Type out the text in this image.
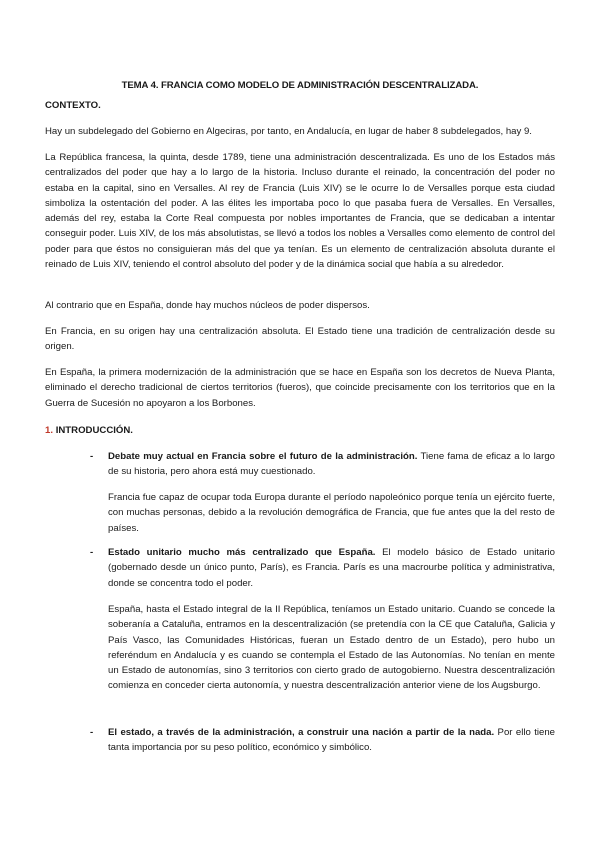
TEMA 4. FRANCIA COMO MODELO DE ADMINISTRACIÓN DESCENTRALIZADA.
CONTEXTO.

Hay un subdelegado del Gobierno en Algeciras, por tanto, en Andalucía, en lugar de haber 8 subdelegados, hay 9.

La República francesa, la quinta, desde 1789, tiene una administración descentralizada. Es uno de los Estados más centralizados del poder que hay a lo largo de la historia. Incluso durante el reinado, la concentración del poder no estaba en la capital, sino en Versalles. Al rey de Francia (Luis XIV) se le ocurre lo de Versalles porque esta ciudad simboliza la ostentación del poder. A las élites les importaba poco lo que pasaba fuera de Versalles. En Versalles, además del rey, estaba la Corte Real compuesta por nobles importantes de Francia, que se dedicaban a intentar conseguir poder. Luis XIV, de los más absolutistas, se llevó a todos los nobles a Versalles como elemento de control del poder para que éstos no consiguieran más del que ya tenían. Es un elemento de centralización absoluta durante el reinado de Luis XIV, teniendo el control absoluto del poder y de la dinámica social que había a su alrededor.

Al contrario que en España, donde hay muchos núcleos de poder dispersos.

En Francia, en su origen hay una centralización absoluta. El Estado tiene una tradición de centralización desde su origen.

En España, la primera modernización de la administración que se hace en España son los decretos de Nueva Planta, eliminado el derecho tradicional de ciertos territorios (fueros), que coincide precisamente con los territorios que en la Guerra de Sucesión no apoyaron a los Borbones.

1. INTRODUCCIÓN.
- Debate muy actual en Francia sobre el futuro de la administración. Tiene fama de eficaz a lo largo de su historia, pero ahora está muy cuestionado.

Francia fue capaz de ocupar toda Europa durante el período napoleónico porque tenía un ejército fuerte, con muchas personas, debido a la revolución demográfica de Francia, que fue antes que la del resto de países.

- Estado unitario mucho más centralizado que España. El modelo básico de Estado unitario (gobernado desde un único punto, París), es Francia. París es una macrourbe política y administrativa, donde se concentra todo el poder.

España, hasta el Estado integral de la II República, teníamos un Estado unitario. Cuando se concede la soberanía a Cataluña, entramos en la descentralización (se pretendía con la CE que Cataluña, Galicia y País Vasco, las Comunidades Históricas, fueran un Estado dentro de un Estado), pero hubo un referéndum en Andalucía y es cuando se contempla el Estado de las Autonomías. No tenían en mente un Estado de autonomías, sino 3 territorios con cierto grado de autogobierno. Nuestra descentralización comienza en conceder cierta autonomía, y nuestra descentralización anterior viene de los Augsburgo.

- El estado, a través de la administración, a construir una nación a partir de la nada. Por ello tiene tanta importancia por su peso político, económico y simbólico.
